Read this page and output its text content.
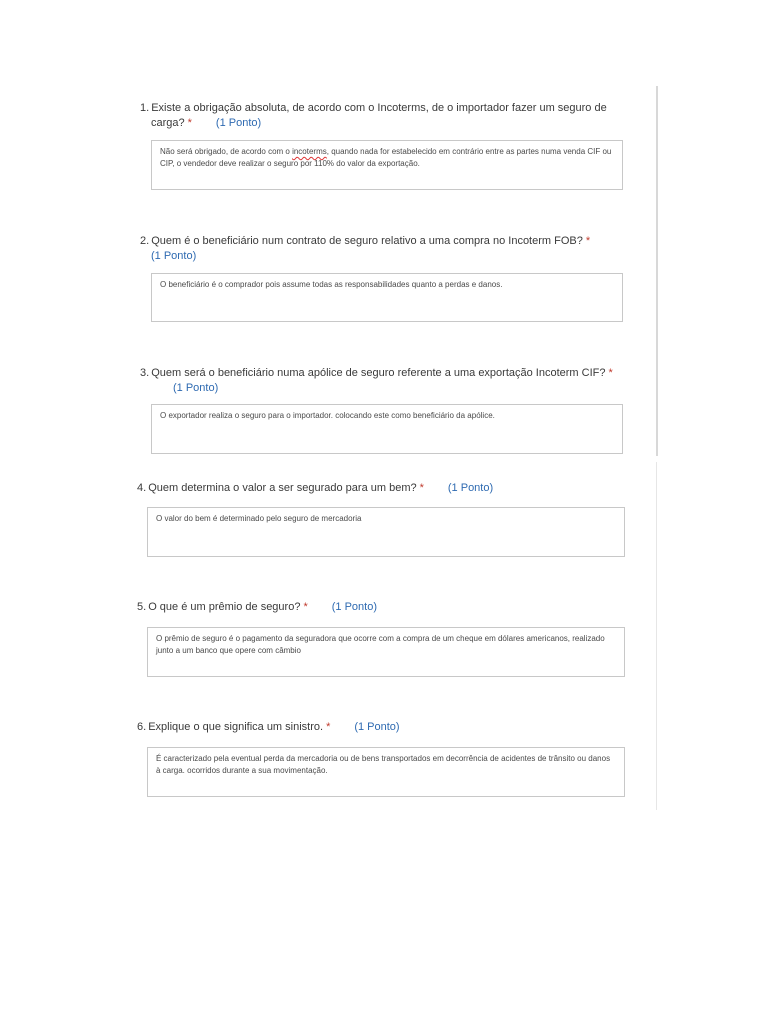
1. Existe a obrigação absoluta, de acordo com o Incoterms, de o importador fazer um seguro de
carga? * (1 Ponto)
Não será obrigado, de acordo com o incoterms, quando nada for estabelecido em contrário entre as partes numa venda CIF ou CIP, o vendedor deve realizar o seguro por 110% do valor da exportação.
2. Quem é o beneficiário num contrato de seguro relativo a uma compra no Incoterm FOB? *
(1 Ponto)
O beneficiário é o comprador pois assume todas as responsabilidades quanto a perdas e danos.
3. Quem será o beneficiário numa apólice de seguro referente a uma exportação Incoterm CIF? *
(1 Ponto)
O exportador realiza o seguro para o importador. colocando este como beneficiário da apólice.
4. Quem determina o valor a ser segurado para um bem? * (1 Ponto)
O valor do bem é determinado pelo seguro de mercadoria
5. O que é um prêmio de seguro? * (1 Ponto)
O prêmio de seguro é o pagamento da seguradora que ocorre com a compra de um cheque em dólares americanos, realizado junto a um banco que opere com câmbio
6. Explique o que significa um sinistro. * (1 Ponto)
É caracterizado pela eventual perda da mercadoria ou de bens transportados em decorrência de acidentes de trânsito ou danos à carga. ocorridos durante a sua movimentação.
